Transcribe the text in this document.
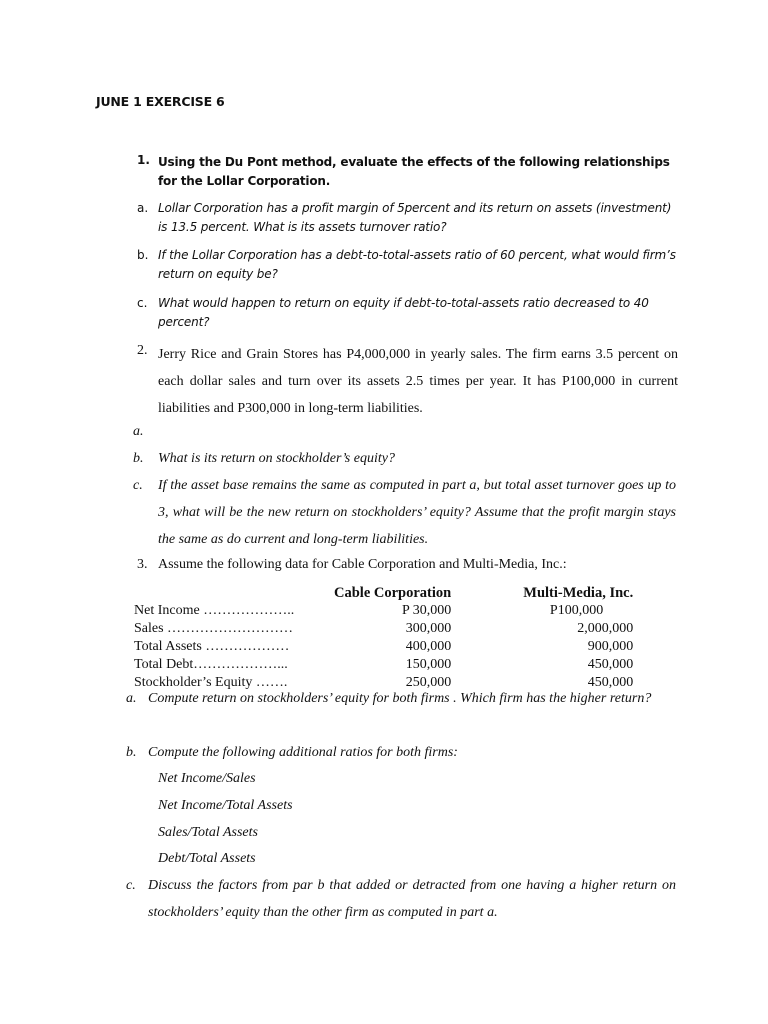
JUNE 1 EXERCISE 6

1. Using the Du Pont method, evaluate the effects of the following relationships for the Lollar Corporation.

a. Lollar Corporation has a profit margin of 5percent and its return on assets (investment) is 13.5 percent. What is its assets turnover ratio?

b. If the Lollar Corporation has a debt-to-total-assets ratio of 60 percent, what would firm’s return on equity be?

c. What would happen to return on equity if debt-to-total-assets ratio decreased to 40 percent?

2. Jerry Rice and Grain Stores has P4,000,000 in yearly sales. The firm earns 3.5 percent on each dollar sales and turn over its assets 2.5 times per year. It has P100,000 in current liabilities and P300,000 in long-term liabilities.

a.

b. What is its return on stockholder’s equity?

c. If the asset base remains the same as computed in part a, but total asset turnover goes up to 3, what will be the new return on stockholders’ equity? Assume that the profit margin stays the same as do current and long-term liabilities.

3. Assume the following data for Cable Corporation and Multi-Media, Inc.:

	Cable Corporation	Multi-Media, Inc.
Net Income ………………..	P 30,000	P100,000
Sales ………………………	300,000	2,000,000
Total Assets ………………	400,000	900,000
Total Debt………………...	150,000	450,000
Stockholder’s Equity …….	250,000	450,000

a. Compute return on stockholders’ equity for both firms . Which firm has the higher return?

b. Compute the following additional ratios for both firms:

Net Income/Sales

Net Income/Total Assets

Sales/Total Assets

Debt/Total Assets

c. Discuss the factors from par b that added or detracted from one having a higher return on stockholders’ equity than the other firm as computed in part a.
